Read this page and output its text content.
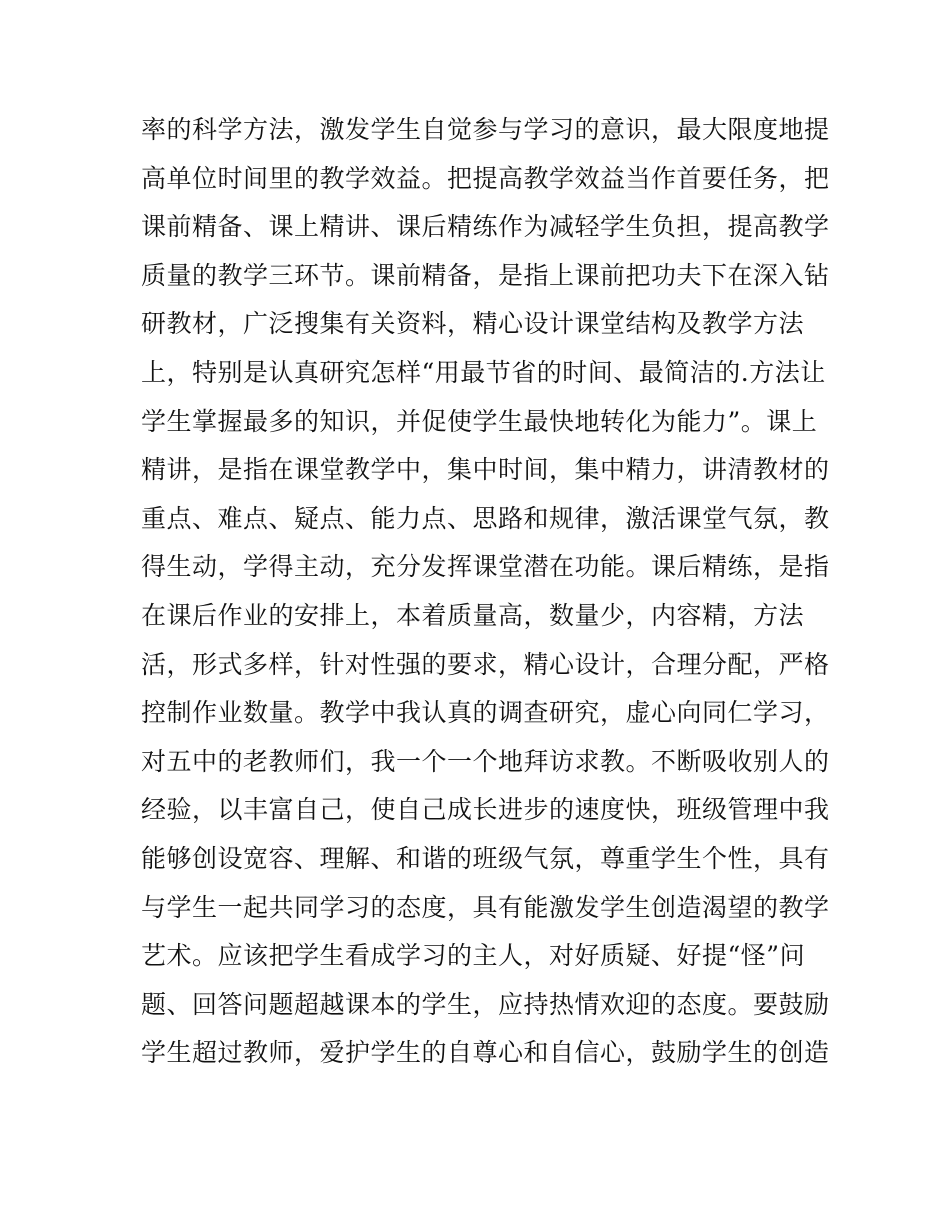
率的科学方法，激发学生自觉参与学习的意识，最大限度地提
高单位时间里的教学效益。把提高教学效益当作首要任务，把
课前精备、课上精讲、课后精练作为减轻学生负担，提高教学
质量的教学三环节。课前精备，是指上课前把功夫下在深入钻
研教材，广泛搜集有关资料，精心设计课堂结构及教学方法
上，特别是认真研究怎样“用最节省的时间、最简洁的.方法让
学生掌握最多的知识，并促使学生最快地转化为能力”。课上
精讲，是指在课堂教学中，集中时间，集中精力，讲清教材的
重点、难点、疑点、能力点、思路和规律，激活课堂气氛，教
得生动，学得主动，充分发挥课堂潜在功能。课后精练，是指
在课后作业的安排上，本着质量高，数量少，内容精，方法
活，形式多样，针对性强的要求，精心设计，合理分配，严格
控制作业数量。教学中我认真的调查研究，虚心向同仁学习，
对五中的老教师们，我一个一个地拜访求教。不断吸收别人的
经验，以丰富自己，使自己成长进步的速度快，班级管理中我
能够创设宽容、理解、和谐的班级气氛，尊重学生个性，具有
与学生一起共同学习的态度，具有能激发学生创造渴望的教学
艺术。应该把学生看成学习的主人，对好质疑、好提“怪”问
题、回答问题超越课本的学生，应持热情欢迎的态度。要鼓励
学生超过教师，爱护学生的自尊心和自信心，鼓励学生的创造
